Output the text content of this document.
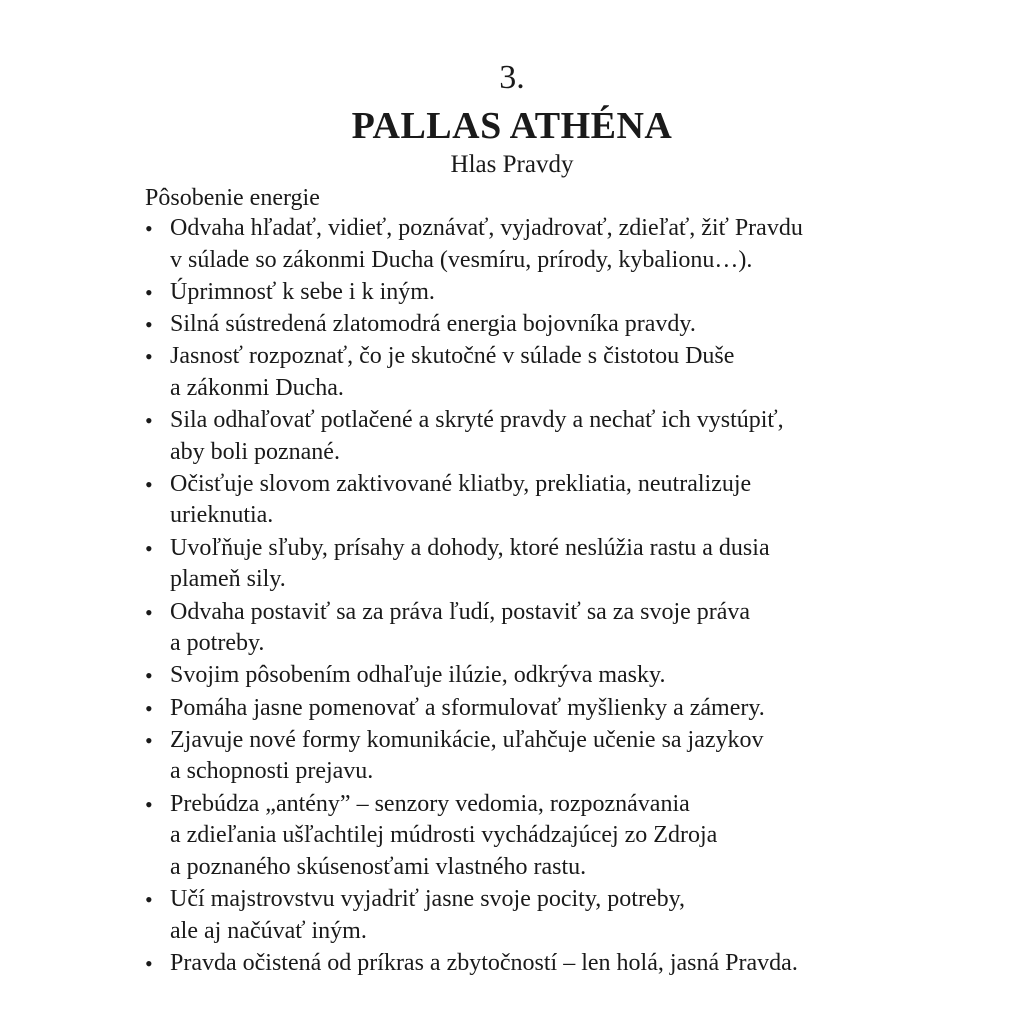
3.
PALLAS ATHÉNA
Hlas Pravdy
Pôsobenie energie
• Odvaha hľadať, vidieť, poznávať, vyjadrovať, zdieľať, žiť Pravdu
v súlade so zákonmi Ducha (vesmíru, prírody, kybalionu…).
• Úprimnosť k sebe i k iným.
• Silná sústredená zlatomodrá energia bojovníka pravdy.
• Jasnosť rozpoznať, čo je skutočné v súlade s čistotou Duše
a zákonmi Ducha.
• Sila odhaľovať potlačené a skryté pravdy a nechať ich vystúpiť,
aby boli poznané.
• Očisťuje slovom zaktivované kliatby, prekliatia, neutralizuje
urieknutia.
• Uvoľňuje sľuby, prísahy a dohody, ktoré neslúžia rastu a dusia
plameň sily.
• Odvaha postaviť sa za práva ľudí, postaviť sa za svoje práva
a potreby.
• Svojim pôsobením odhaľuje ilúzie, odkrýva masky.
• Pomáha jasne pomenovať a sformulovať myšlienky a zámery.
• Zjavuje nové formy komunikácie, uľahčuje učenie sa jazykov
a schopnosti prejavu.
• Prebúdza „antény” – senzory vedomia, rozpoznávania
a zdieľania ušľachtilej múdrosti vychádzajúcej zo Zdroja
a poznaného skúsenosťami vlastného rastu.
• Učí majstrovstvu vyjadriť jasne svoje pocity, potreby,
ale aj načúvať iným.
• Pravda očistená od príkras a zbytočností – len holá, jasná Pravda.
